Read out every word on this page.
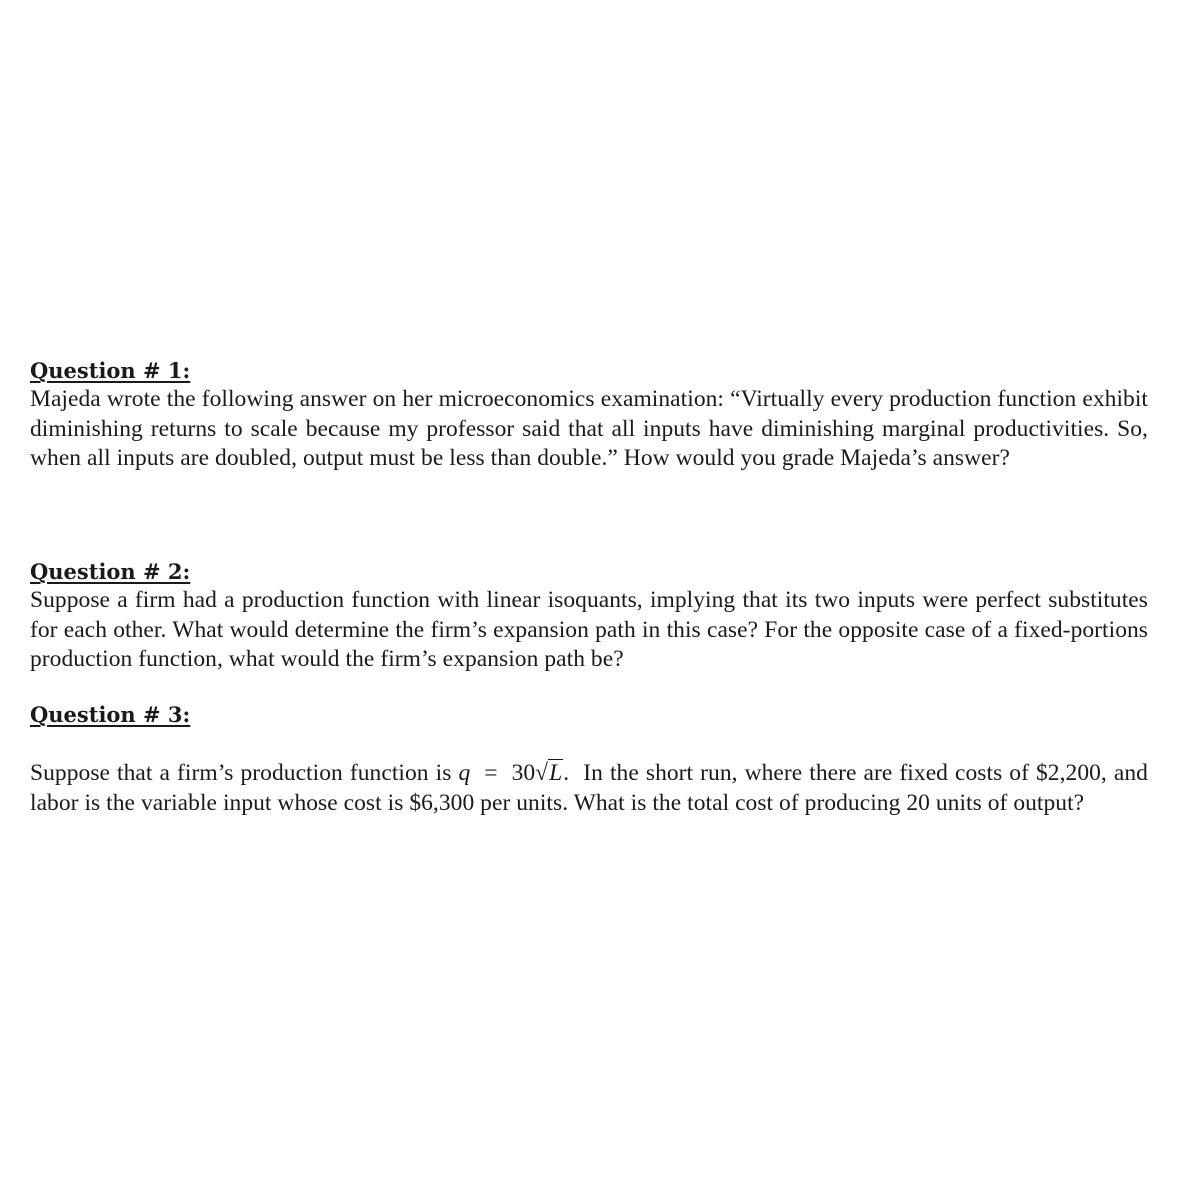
Question # 1:

Majeda wrote the following answer on her microeconomics examination: “Virtually every production function exhibit diminishing returns to scale because my professor said that all inputs have diminishing marginal productivities. So, when all inputs are doubled, output must be less than double.” How would you grade Majeda’s answer?

Question # 2:

Suppose a firm had a production function with linear isoquants, implying that its two inputs were perfect substitutes for each other. What would determine the firm’s expansion path in this case? For the opposite case of a fixed-portions production function, what would the firm’s expansion path be?

Question # 3:

Suppose that a firm’s production function is q = 30√L. In the short run, where there are fixed costs of $2,200, and labor is the variable input whose cost is $6,300 per units. What is the total cost of producing 20 units of output?
